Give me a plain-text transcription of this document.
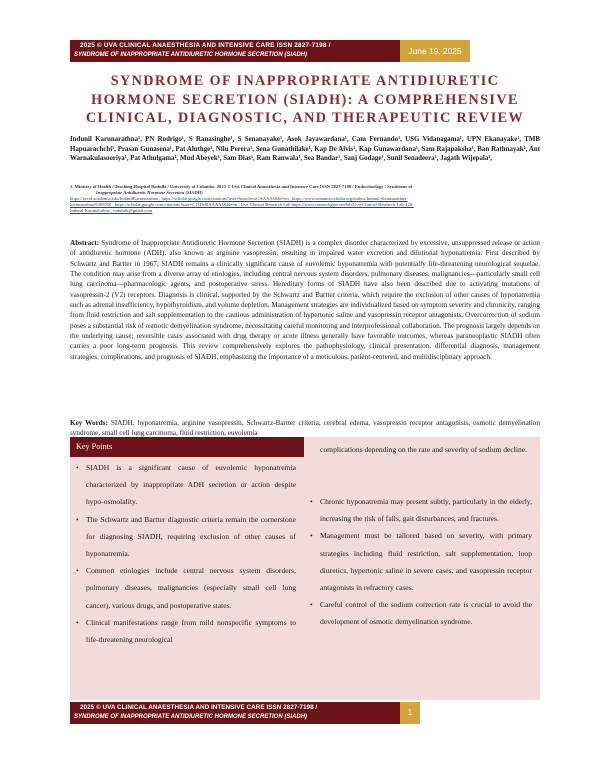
2025 © UVA CLINICAL ANAESTHESIA AND INTENSIVE CARE ISSN 2827-7198 /
SYNDROME OF INAPPROPRIATE ANTIDIURETIC HORMONE SECRETION (SIADH)	June 19, 2025
SYNDROME OF INAPPROPRIATE ANTIDIURETIC HORMONE SECRETION (SIADH): A COMPREHENSIVE CLINICAL, DIAGNOSTIC, AND THERAPEUTIC REVIEW

Indunil Karunarathna¹, PN Rodrigo¹, S Ranasinghe¹, S Senanayake¹, Asok Jayawardana¹, Cam Fernando¹, USG Vidanagama¹, UPN Ekanayake¹, TMB Hapuarachchi¹, Prasan Gunasena¹, Pat Aluthge¹, Nilu Perera¹, Sena Gunathilake¹, Kap De Alvis¹, Kap Gunawardana¹, Sam Rajapaksha¹, Ban Rathnayak¹, Ant Warnakulasooriya¹, Pat Athulgama¹, Mud Abeyek¹, Sam Dias¹, Ram Ranwala¹, Sea Bandar¹, Sanj Godage¹, Sunil Senadeera¹, Jagath Wijepala¹,

1. Ministry of Health / Teaching Hospital Badulla / University of Colombo. 2025 © Uva Clinical Anaesthesia and Intensive Care ISSN 2827-7198 / Endocrinology / Syndrome of
Inappropriate Antidiuretic Hormone Secretion (SIADH)
https://orcid.academia.edu/IndunilKarunarathna , https://scholar.google.com/citations?user=kmwIwwCAAAAJ&hl=en , https://www.semanticscholar.org/author/Indunil-Karunarathna-
karunarathna/6305050 , https://scholar.google.com/citations?user=CJ3Drf8AAAAJ&hl=en , Uva Clinical Research Lab https://www.researchgate.net/lab/Uva-Clinical-Research-Lab-420-
Indunil-Karunarathna , indunilk@gmail.com

Abstract: Syndrome of Inappropriate Antidiuretic Hormone Secretion (SIADH) is a complex disorder characterized by excessive, unsuppressed release or action of antidiuretic hormone (ADH), also known as arginine vasopressin, resulting in impaired water excretion and dilutional hyponatremia. First described by Schwartz and Bartter in 1967, SIADH remains a clinically significant cause of euvolemic hyponatremia with potentially life-threatening neurological sequelae. The condition may arise from a diverse array of etiologies, including central nervous system disorders, pulmonary diseases, malignancies—particularly small cell lung carcinoma—pharmacologic agents, and postoperative stress. Hereditary forms of SIADH have also been described due to activating mutations of vasopressin-2 (V2) receptors. Diagnosis is clinical, supported by the Schwartz and Bartter criteria, which require the exclusion of other causes of hyponatremia such as adrenal insufficiency, hypothyroidism, and volume depletion. Management strategies are individualized based on symptom severity and chronicity, ranging from fluid restriction and salt supplementation to the cautious administration of hypertonic saline and vasopressin receptor antagonists. Overcorrection of sodium poses a substantial risk of osmotic demyelination syndrome, necessitating careful monitoring and interprofessional collaboration. The prognosis largely depends on the underlying cause; reversible cases associated with drug therapy or acute illness generally have favorable outcomes, whereas paraneoplastic SIADH often carries a poor long-term prognosis. This review comprehensively explores the pathophysiology, clinical presentation, differential diagnosis, management strategies, complications, and prognosis of SIADH, emphasizing the importance of a meticulous, patient-centered, and multidisciplinary approach.

Key Words: SIADH, hyponatremia, arginine vasopressin, Schwartz-Bartter criteria, cerebral edema, vasopressin receptor antagonists, osmotic demyelination syndrome, small cell lung carcinoma, fluid restriction, euvolemia

Key Points
• SIADH is a significant cause of euvolemic hyponatremia characterized by inappropriate ADH secretion or action despite hypo-osmolality.
• The Schwartz and Bartter diagnostic criteria remain the cornerstone for diagnosing SIADH, requiring exclusion of other causes of hyponatremia.
• Common etiologies include central nervous system disorders, pulmonary diseases, malignancies (especially small cell lung cancer), various drugs, and postoperative states.
• Clinical manifestations range from mild nonspecific symptoms to life-threatening neurological
complications depending on the rate and severity of sodium decline.
• Chronic hyponatremia may present subtly, particularly in the elderly, increasing the risk of falls, gait disturbances, and fractures.
• Management must be tailored based on severity, with primary strategies including fluid restriction, salt supplementation, loop diuretics, hypertonic saline in severe cases, and vasopressin receptor antagonists in refractory cases.
• Careful control of the sodium correction rate is crucial to avoid the development of osmotic demyelination syndrome.
2025 © UVA CLINICAL ANAESTHESIA AND INTENSIVE CARE ISSN 2827-7198 /
SYNDROME OF INAPPROPRIATE ANTIDIURETIC HORMONE SECRETION (SIADH)	1
